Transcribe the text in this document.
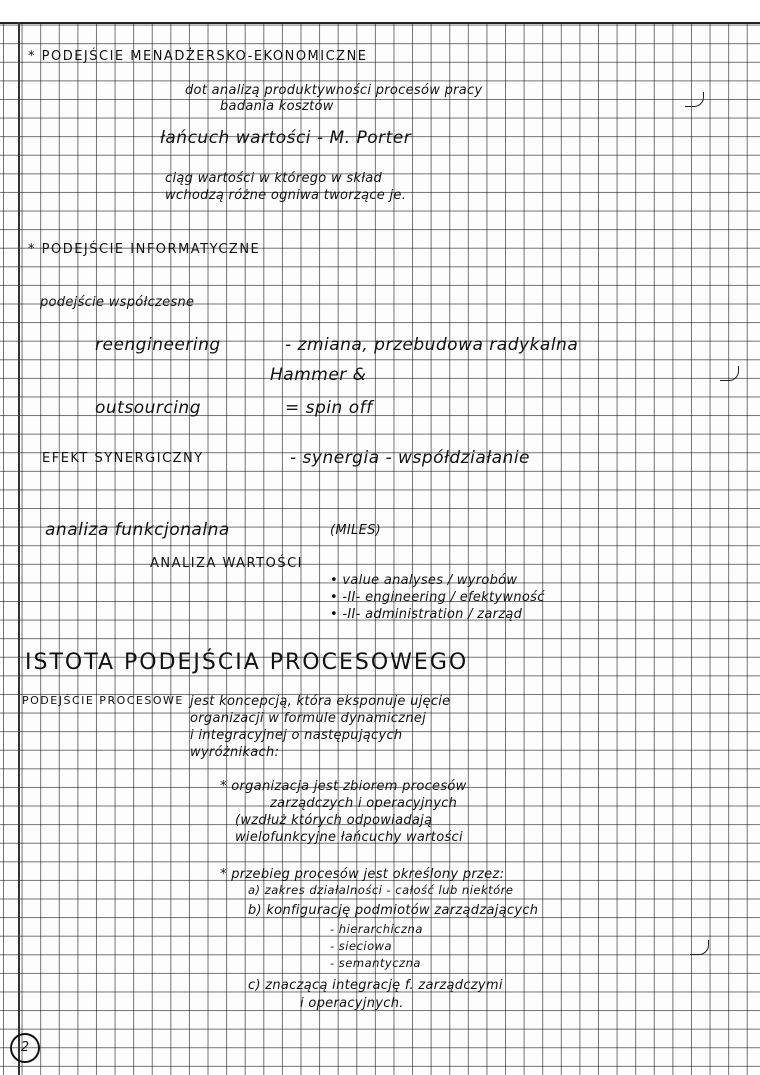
* PODEJŚCIE MENADŻERSKO-EKONOMICZNE
dot analizą produktywności procesów pracy
badania kosztów
łańcuch wartości - M. Porter
ciąg wartości w którego w skład
wchodzą różne ogniwa tworzące je.
* PODEJŚCIE INFORMATYCZNE
podejście współczesne
reengineering	- zmiana, przebudowa radykalna
Hammer &
outsourcing	= spin off
EFEKT SYNERGICZNY	- synergia - współdziałanie
analiza funkcjonalna	(MILES)
ANALIZA WARTOŚCI
• value analyses / wyrobów
• -II- engineering / efektywność
• -II- administration / zarząd
ISTOTA PODEJŚCIA PROCESOWEGO
PODEJŚCIE PROCESOWE jest koncepcją, która eksponuje ujęcie
organizacji w formule dynamicznej
i integracyjnej o następujących
wyróżnikach:
* organizacja jest zbiorem procesów
zarządczych i operacyjnych
(wzdłuż których odpowiadają
wielofunkcyjne łańcuchy wartości
* przebieg procesów jest określony przez:
a) zakres działalności - całość lub niektóre
b) konfigurację podmiotów zarządzających
- hierarchiczna
- sieciowa
- semantyczna
c) znaczącą integrację f. zarządczymi
i operacyjnych.
2
